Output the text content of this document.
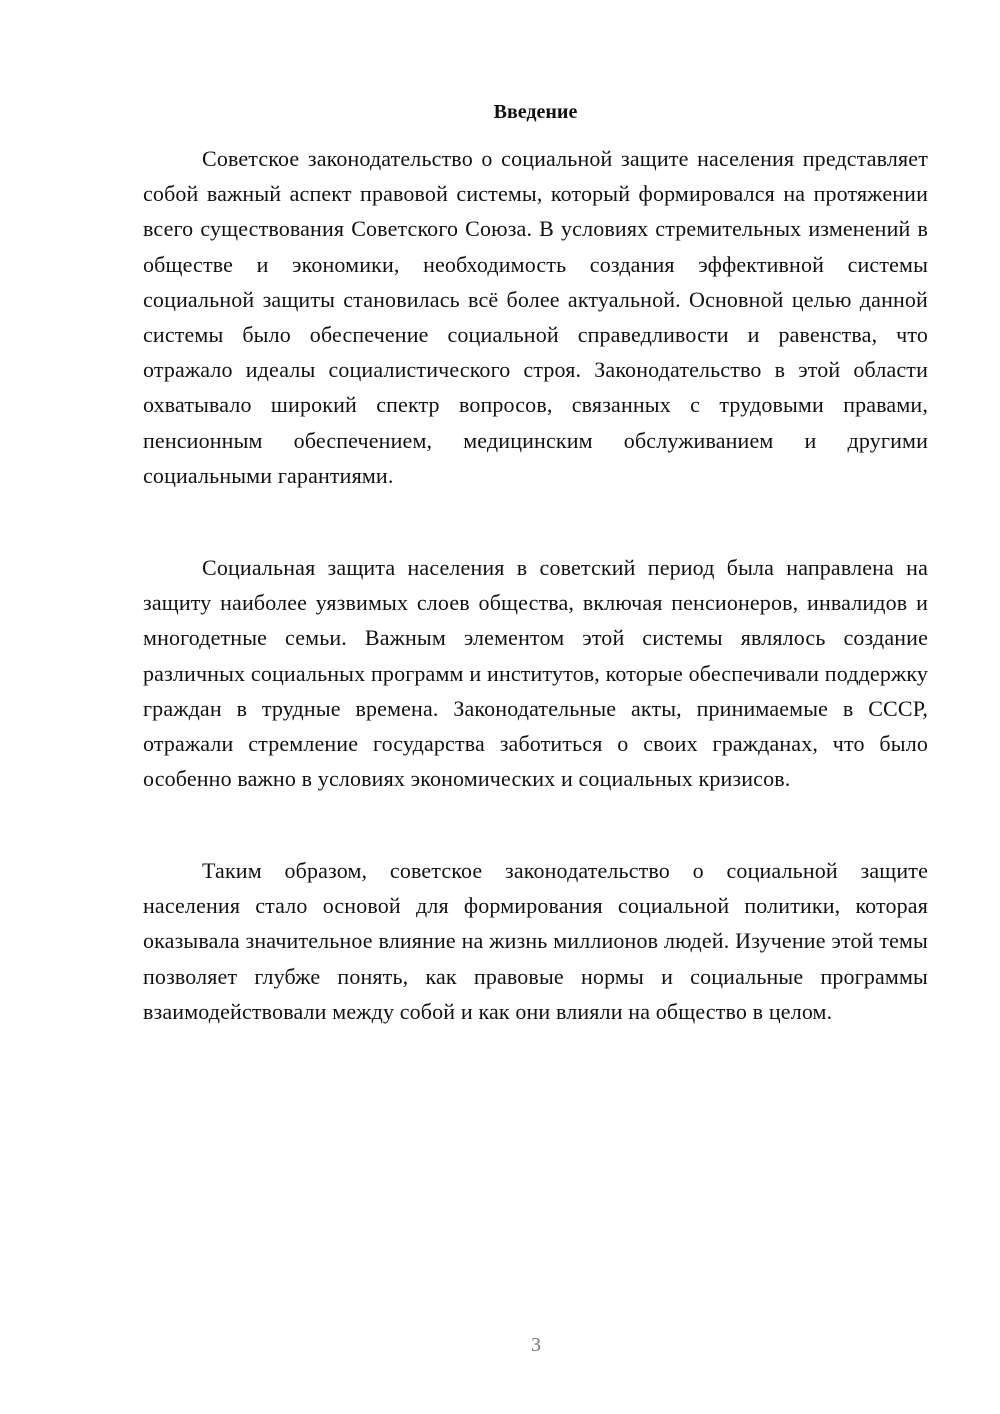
Введение

Советское законодательство о социальной защите населения представляет собой важный аспект правовой системы, который формировался на протяжении всего существования Советского Союза. В условиях стремительных изменений в обществе и экономики, необходимость создания эффективной системы социальной защиты становилась всё более актуальной. Основной целью данной системы было обеспечение социальной справедливости и равенства, что отражало идеалы социалистического строя. Законодательство в этой области охватывало широкий спектр вопросов, связанных с трудовыми правами, пенсионным обеспечением, медицинским обслуживанием и другими социальными гарантиями.

Социальная защита населения в советский период была направлена на защиту наиболее уязвимых слоев общества, включая пенсионеров, инвалидов и многодетные семьи. Важным элементом этой системы являлось создание различных социальных программ и институтов, которые обеспечивали поддержку граждан в трудные времена. Законодательные акты, принимаемые в СССР, отражали стремление государства заботиться о своих гражданах, что было особенно важно в условиях экономических и социальных кризисов.

Таким образом, советское законодательство о социальной защите населения стало основой для формирования социальной политики, которая оказывала значительное влияние на жизнь миллионов людей. Изучение этой темы позволяет глубже понять, как правовые нормы и социальные программы взаимодействовали между собой и как они влияли на общество в целом.

3
